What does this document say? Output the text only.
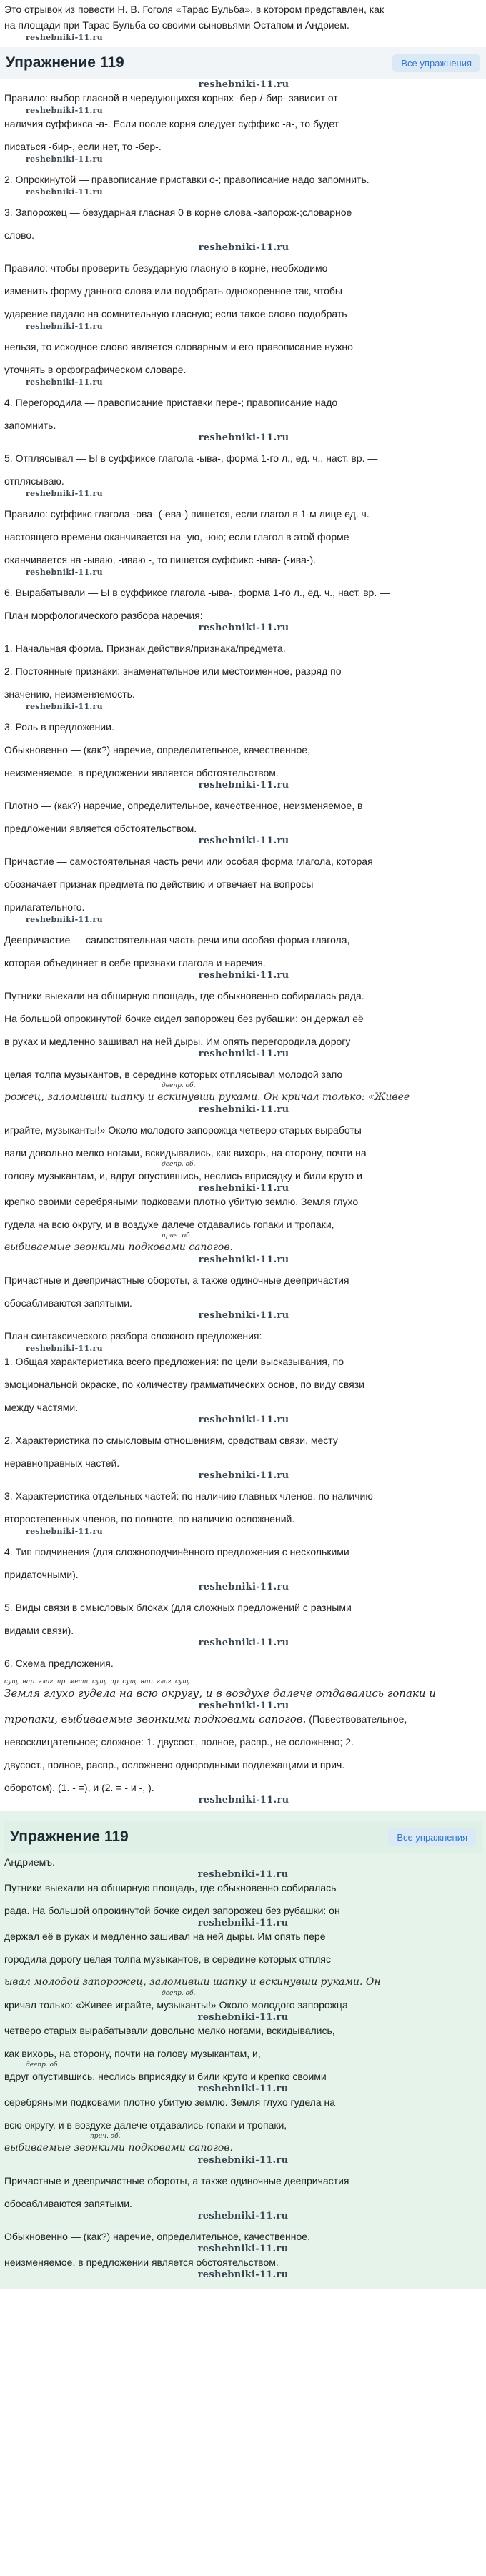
Это отрывок из повести Н. В. Гоголя «Тарас Бульба», в котором представлен, как

на площади при Тарас Бульба со своими сыновьями Остапом и Андрием.

reshebniki-11.ru
Упражнение 119	Все упражнения
reshebniki-11.ru

Правило: выбор гласной в чередующихся корнях -бер-/-бир- зависит от

reshebniki-11.ru

наличия суффикса -а-. Если после корня следует суффикс -а-, то будет

писаться -бир-, если нет, то -бер-.

reshebniki-11.ru

2. Опрокинутой — правописание приставки о-; правописание надо запомнить.

reshebniki-11.ru

3. Запорожец — безударная гласная 0 в корне слова -запорож-;словарное

слово.

reshebniki-11.ru

Правило: чтобы проверить безударную гласную в корне, необходимо

изменить форму данного слова или подобрать однокоренное так, чтобы

ударение падало на сомнительную гласную; если такое слово подобрать

reshebniki-11.ru

нельзя, то исходное слово является словарным и его правописание нужно

уточнять в орфографическом словаре.

reshebniki-11.ru

4. Перегородила — правописание приставки пере-; правописание надо

запомнить.

reshebniki-11.ru

5. Отплясывал — Ы в суффиксе глагола -ыва-, форма 1-го л., ед. ч., наст. вр. —

отплясываю.

reshebniki-11.ru

Правило: суффикс глагола -ова- (-ева-) пишется, если глагол в 1-м лице ед. ч.

настоящего времени оканчивается на -ую, -юю; если глагол в этой форме

оканчивается на -ываю, -иваю -, то пишется суффикс -ыва- (-ива-).

reshebniki-11.ru

6. Вырабатывали — Ы в суффиксе глагола -ыва-, форма 1-го л., ед. ч., наст. вр. —

План морфологического разбора наречия:

reshebniki-11.ru

1. Начальная форма. Признак действия/признака/предмета.

2. Постоянные признаки: знаменательное или местоименное, разряд по

значению, неизменяемость.

reshebniki-11.ru

3. Роль в предложении.

Обыкновенно — (как?) наречие, определительное, качественное,

неизменяемое, в предложении является обстоятельством.

reshebniki-11.ru

Плотно — (как?) наречие, определительное, качественное, неизменяемое, в

предложении является обстоятельством.

reshebniki-11.ru

Причастие — самостоятельная часть речи или особая форма глагола, которая

обозначает признак предмета по действию и отвечает на вопросы

прилагательного.

reshebniki-11.ru

Деепричастие — самостоятельная часть речи или особая форма глагола,

которая объединяет в себе признаки глагола и наречия.

reshebniki-11.ru

Путники выехали на обширную площадь, где обыкновенно собиралась рада.

На большой опрокинутой бочке сидел запорожец без рубашки: он держал её

в руках и медленно зашивал на ней дыры. Им опять перегородила дорогу

reshebniki-11.ru

целая толпа музыкантов, в середине которых отплясывал молодой запо

деепр. об.

рожец, заломивши шапку и вскинувши руками. Он кричал только: «Живее

reshebniki-11.ru

играйте, музыканты!» Около молодого запорожца четверо старых выработы

вали довольно мелко ногами, вскидывались, как вихорь, на сторону, почти на

деепр. об.

голову музыкантам, и, вдруг опустившись, неслись вприсядку и били круто и

reshebniki-11.ru

крепко своими серебряными подковами плотно убитую землю. Земля глухо

гудела на всю округу, и в воздухе далече отдавались гопаки и тропаки,

прич. об.

выбиваемые звонкими подковами сапогов.

reshebniki-11.ru

Причастные и деепричастные обороты, а также одиночные деепричастия

обосабливаются запятыми.

reshebniki-11.ru

План синтаксического разбора сложного предложения:

reshebniki-11.ru

1. Общая характеристика всего предложения: по цели высказывания, по

эмоциональной окраске, по количеству грамматических основ, по виду связи

между частями.

reshebniki-11.ru

2. Характеристика по смысловым отношениям, средствам связи, месту

неравноправных частей.

reshebniki-11.ru

3. Характеристика отдельных частей: по наличию главных членов, по наличию

второстепенных членов, по полноте, по наличию осложнений.

reshebniki-11.ru

4. Тип подчинения (для сложноподчинённого предложения с несколькими

придаточными).

reshebniki-11.ru

5. Виды связи в смысловых блоках (для сложных предложений с разными

видами связи).

reshebniki-11.ru

6. Схема предложения.

сущ. нар. глаг. пр. мест. сущ. пр. сущ. нар. глаг. сущ.

Земля глухо гудела на всю округу, и в воздухе далече отдавались гопаки и

reshebniki-11.ru

тропаки, выбиваемые звонкими подковами сапогов. (Повествовательное,

невосклицательное; сложное: 1. двусост., полное, распр., не осложнено; 2.

двусост., полное, распр., осложнено однородными подлежащими и прич.

оборотом). (1. - =), и (2. = - и -, ).

reshebniki-11.ru
Упражнение 119	Все упражнения

Андриемъ.

reshebniki-11.ru

Путники выехали на обширную площадь, где обыкновенно собиралась

рада. На большой опрокинутой бочке сидел запорожец без рубашки: он

reshebniki-11.ru

держал её в руках и медленно зашивал на ней дыры. Им опять пере

городила дорогу целая толпа музыкантов, в середине которых отпляс

ывал молодой запорожец, заломивши шапку и вскинувши руками. Он

деепр. об.

кричал только: «Живее играйте, музыканты!» Около молодого запорожца

reshebniki-11.ru

четверо старых вырабатывали довольно мелко ногами, вскидывались,

как вихорь, на сторону, почти на голову музыкантам, и,

деепр. об.

вдруг опустившись, неслись вприсядку и били круто и крепко своими

reshebniki-11.ru

серебряными подковами плотно убитую землю. Земля глухо гудела на

всю округу, и в воздухе далече отдавались гопаки и тропаки,

прич. об.

выбиваемые звонкими подковами сапогов.

reshebniki-11.ru

Причастные и деепричастные обороты, а также одиночные деепричастия

обосабливаются запятыми.

reshebniki-11.ru

Обыкновенно — (как?) наречие, определительное, качественное,

reshebniki-11.ru

неизменяемое, в предложении является обстоятельством.

reshebniki-11.ru
